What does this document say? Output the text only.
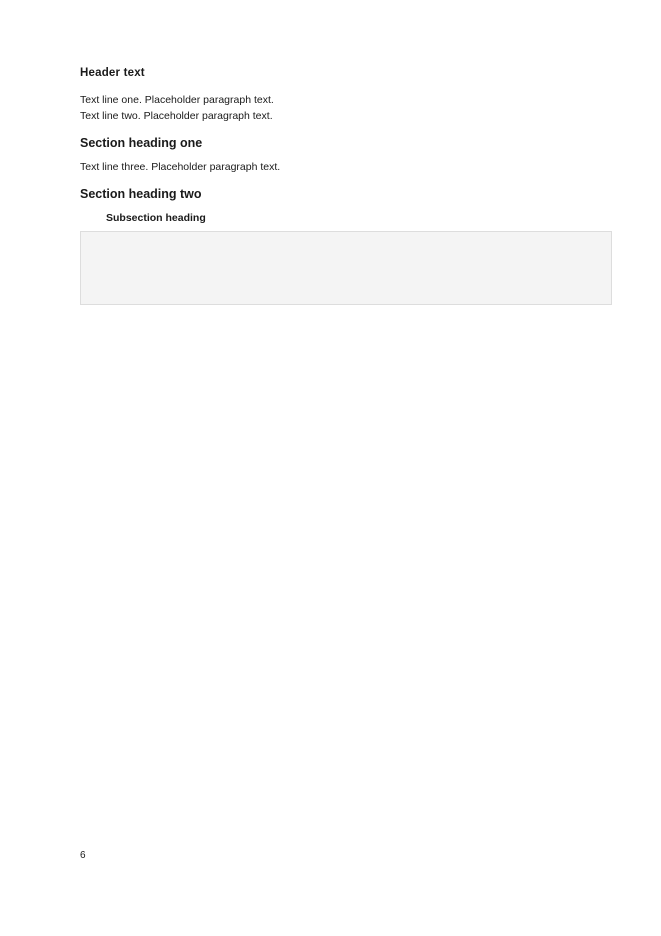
Header text

Text line one. Placeholder paragraph text.

Text line two. Placeholder paragraph text.

Section heading one

Text line three. Placeholder paragraph text.

Section heading two
Subsection heading
6
